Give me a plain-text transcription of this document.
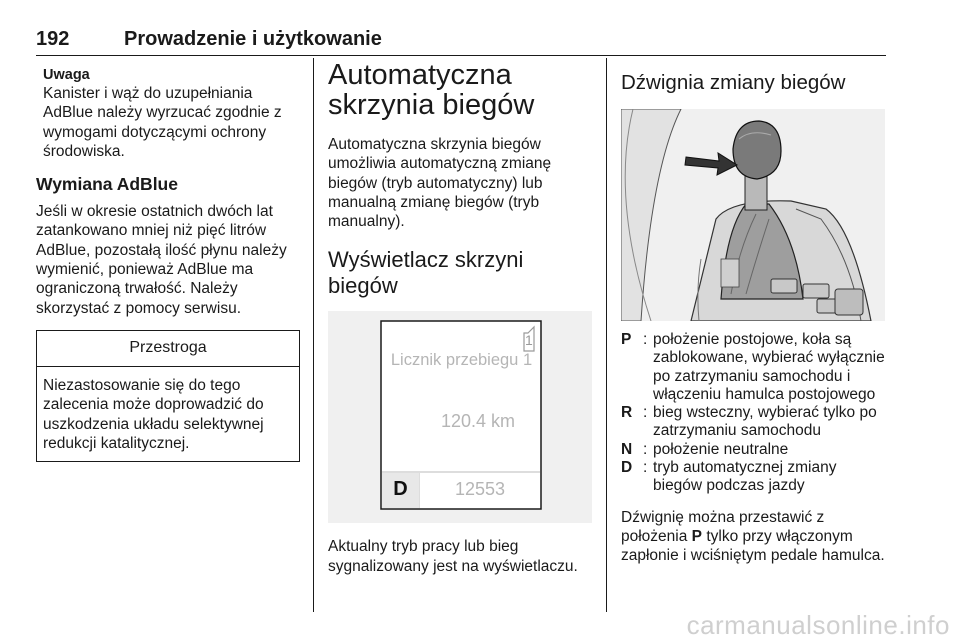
192	Prowadzenie i użytkowanie
Uwaga
Kanister i wąż do uzupełniania AdBlue należy wyrzucać zgodnie z wymogami dotyczącymi ochrony środowiska.
Wymiana AdBlue
Jeśli w okresie ostatnich dwóch lat zatankowano mniej niż pięć litrów AdBlue, pozostałą ilość płynu należy wymienić, ponieważ AdBlue ma ograniczoną trwałość. Należy skorzystać z pomocy serwisu.
Przestroga
Niezastosowanie się do tego zalecenia może doprowadzić do uszkodzenia układu selektywnej redukcji katalitycznej.
Automatyczna skrzynia biegów
Automatyczna skrzynia biegów umożliwia automatyczną zmianę biegów (tryb automatyczny) lub manualną zmianę biegów (tryb manualny).
Wyświetlacz skrzyni biegów
1
Licznik przebiegu 1
120.4 km
D	12553
Aktualny tryb pracy lub bieg sygnalizowany jest na wyświetlaczu.
Dźwignia zmiany biegów
P : położenie postojowe, koła są zablokowane, wybierać wyłącznie po zatrzymaniu samochodu i włączeniu hamulca postojowego
R : bieg wsteczny, wybierać tylko po zatrzymaniu samochodu
N : położenie neutralne
D : tryb automatycznej zmiany biegów podczas jazdy
Dźwignię można przestawić z położenia P tylko przy włączonym zapłonie i wciśniętym pedale hamulca.
carmanualsonline.info
